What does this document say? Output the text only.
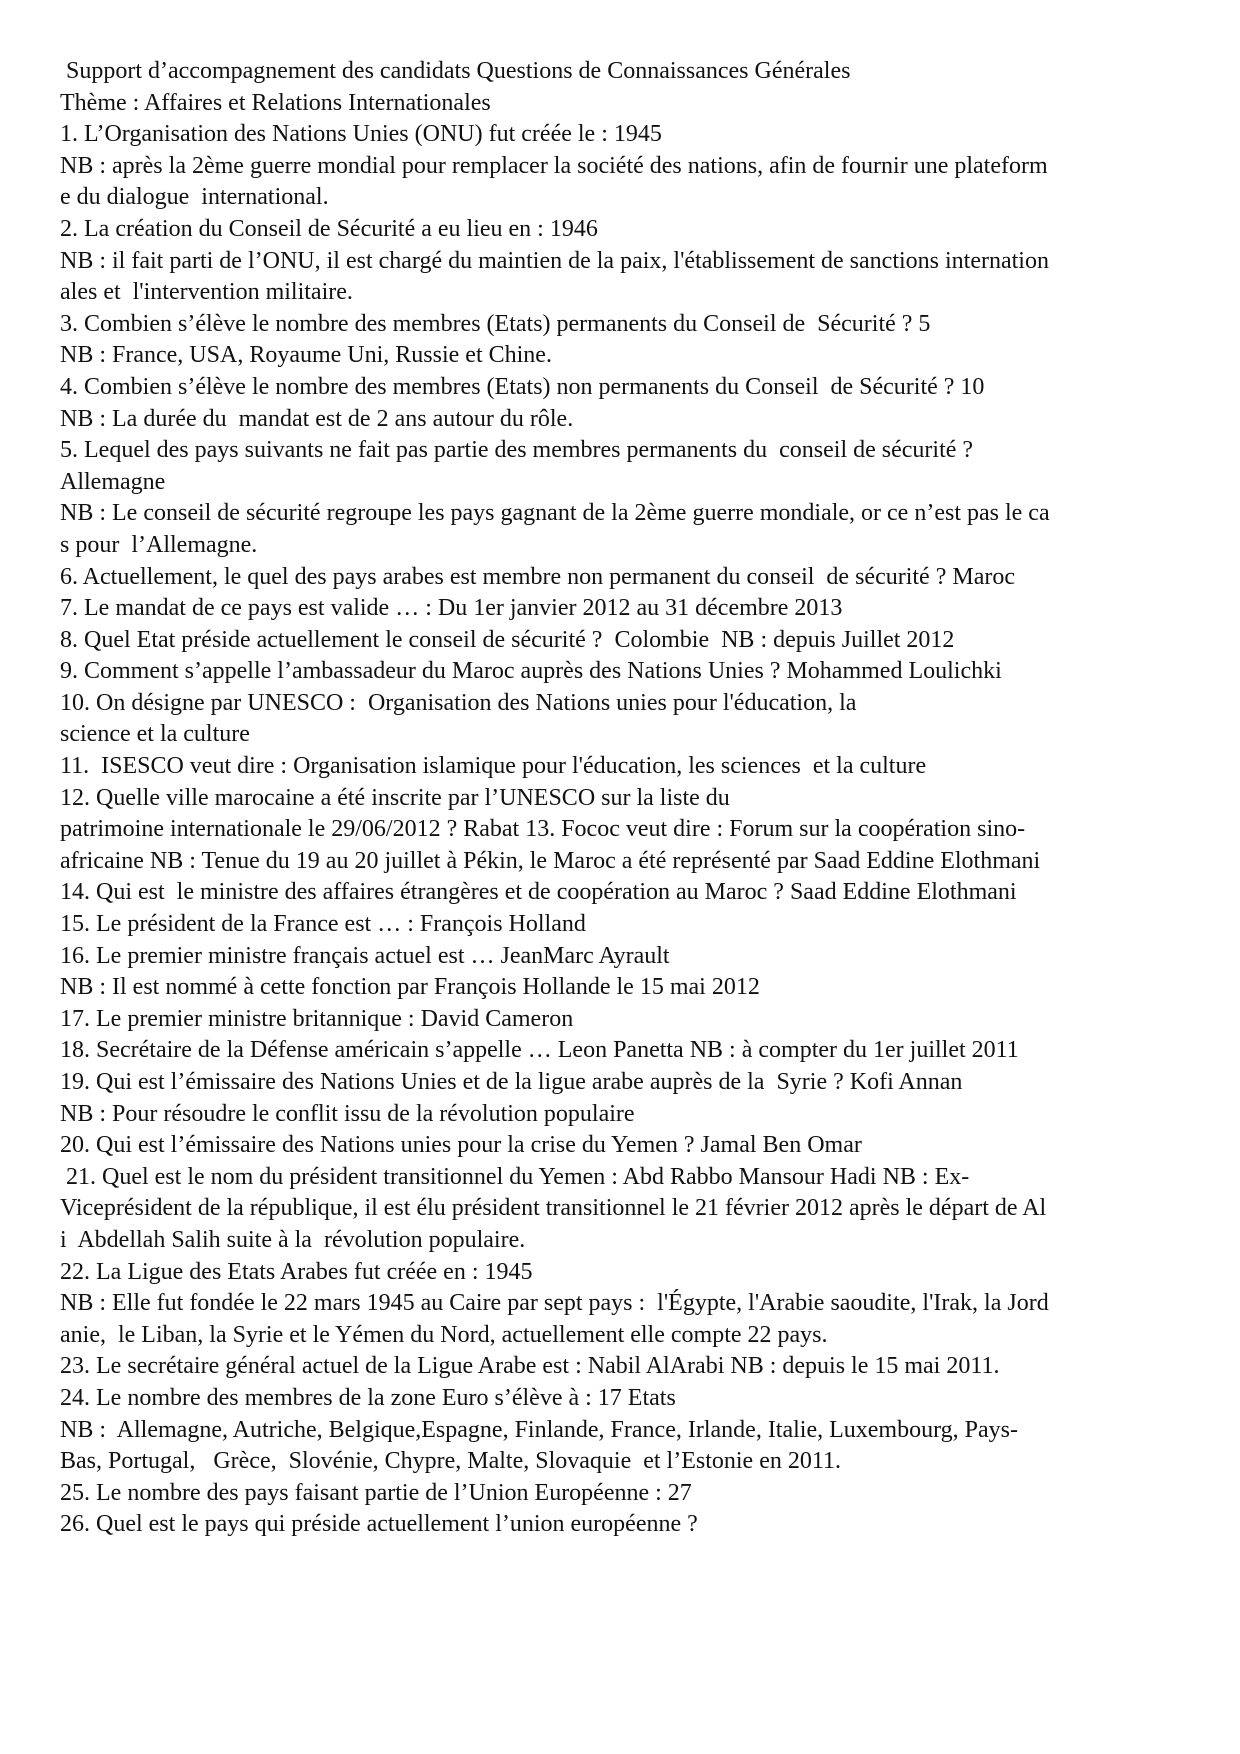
Support d’accompagnement des candidats Questions de Connaissances Générales
Thème : Affaires et Relations Internationales
1. L’Organisation des Nations Unies (ONU) fut créée le : 1945
NB : après la 2ème guerre mondial pour remplacer la société des nations, afin de fournir une plateform
e du dialogue  international.
2. La création du Conseil de Sécurité a eu lieu en : 1946
NB : il fait parti de l’ONU, il est chargé du maintien de la paix, l'établissement de sanctions internation
ales et  l'intervention militaire.
3. Combien s’élève le nombre des membres (Etats) permanents du Conseil de  Sécurité ? 5
NB : France, USA, Royaume Uni, Russie et Chine.
4. Combien s’élève le nombre des membres (Etats) non permanents du Conseil  de Sécurité ? 10
NB : La durée du  mandat est de 2 ans autour du rôle.
5. Lequel des pays suivants ne fait pas partie des membres permanents du  conseil de sécurité ?
Allemagne
NB : Le conseil de sécurité regroupe les pays gagnant de la 2ème guerre mondiale, or ce n’est pas le ca
s pour  l’Allemagne.
6. Actuellement, le quel des pays arabes est membre non permanent du conseil  de sécurité ? Maroc
7. Le mandat de ce pays est valide … : Du 1er janvier 2012 au 31 décembre 2013
8. Quel Etat préside actuellement le conseil de sécurité ?  Colombie  NB : depuis Juillet 2012
9. Comment s’appelle l’ambassadeur du Maroc auprès des Nations Unies ? Mohammed Loulichki
10. On désigne par UNESCO :  Organisation des Nations unies pour l'éducation, la
science et la culture
11.  ISESCO veut dire : Organisation islamique pour l'éducation, les sciences  et la culture
12. Quelle ville marocaine a été inscrite par l’UNESCO sur la liste du
patrimoine internationale le 29/06/2012 ? Rabat 13. Fococ veut dire : Forum sur la coopération sino-
africaine NB : Tenue du 19 au 20 juillet à Pékin, le Maroc a été représenté par Saad Eddine Elothmani
14. Qui est  le ministre des affaires étrangères et de coopération au Maroc ? Saad Eddine Elothmani
15. Le président de la France est … : François Holland
16. Le premier ministre français actuel est … JeanMarc Ayrault
NB : Il est nommé à cette fonction par François Hollande le 15 mai 2012
17. Le premier ministre britannique : David Cameron
18. Secrétaire de la Défense américain s’appelle … Leon Panetta NB : à compter du 1er juillet 2011
19. Qui est l’émissaire des Nations Unies et de la ligue arabe auprès de la  Syrie ? Kofi Annan
NB : Pour résoudre le conflit issu de la révolution populaire
20. Qui est l’émissaire des Nations unies pour la crise du Yemen ? Jamal Ben Omar
21. Quel est le nom du président transitionnel du Yemen : Abd Rabbo Mansour Hadi NB : Ex-
Viceprésident de la république, il est élu président transitionnel le 21 février 2012 après le départ de Al
i  Abdellah Salih suite à la  révolution populaire.
22. La Ligue des Etats Arabes fut créée en : 1945
NB : Elle fut fondée le 22 mars 1945 au Caire par sept pays :  l'Égypte, l'Arabie saoudite, l'Irak, la Jord
anie,  le Liban, la Syrie et le Yémen du Nord, actuellement elle compte 22 pays.
23. Le secrétaire général actuel de la Ligue Arabe est : Nabil AlArabi NB : depuis le 15 mai 2011.
24. Le nombre des membres de la zone Euro s’élève à : 17 Etats
NB :  Allemagne, Autriche, Belgique,Espagne, Finlande, France, Irlande, Italie, Luxembourg, Pays-
Bas, Portugal,   Grèce,  Slovénie, Chypre, Malte, Slovaquie  et l’Estonie en 2011.
25. Le nombre des pays faisant partie de l’Union Européenne : 27
26. Quel est le pays qui préside actuellement l’union européenne ?
